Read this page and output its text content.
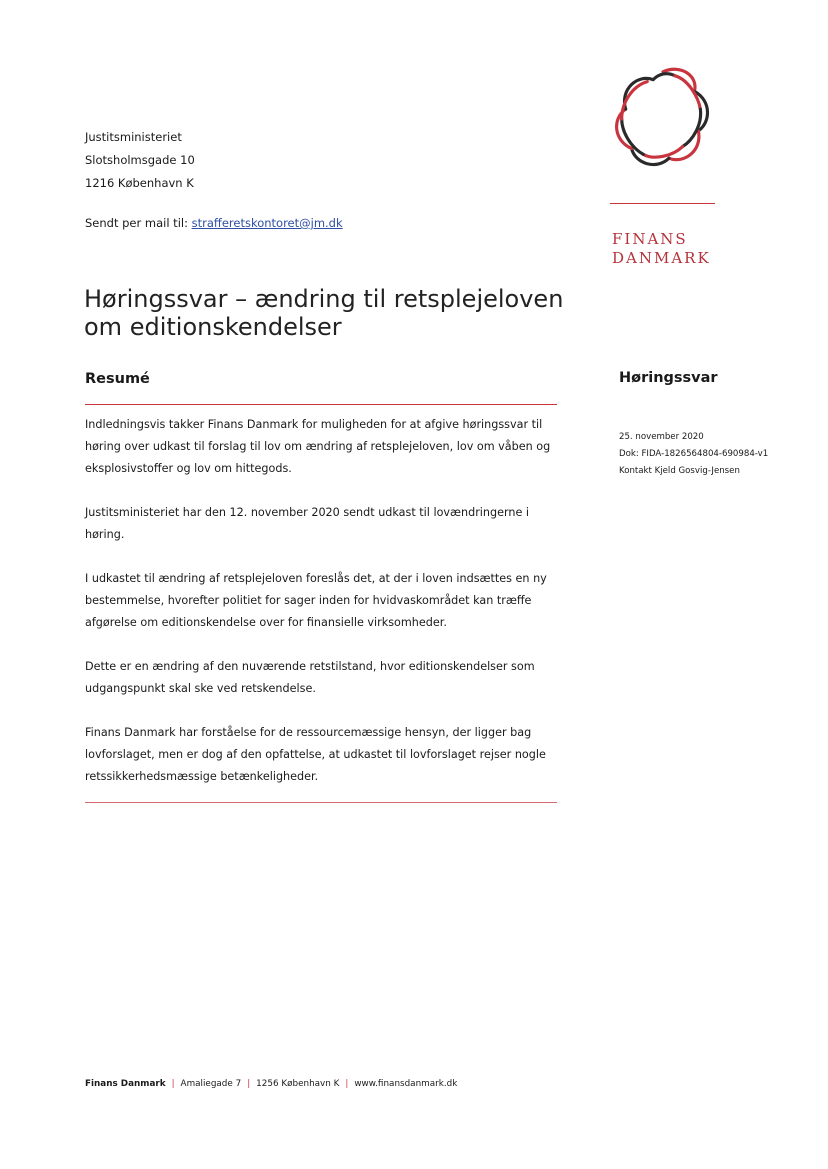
Justitsministeriet
Slotsholmsgade 10
1216 København K
Sendt per mail til: strafferetskontoret@jm.dk
Høringssvar – ændring til retsplejeloven om editionskendelser
Resumé

Indledningsvis takker Finans Danmark for muligheden for at afgive høringssvar til høring over udkast til forslag til lov om ændring af retsplejeloven, lov om våben og eksplosivstoffer og lov om hittegods.

Justitsministeriet har den 12. november 2020 sendt udkast til lovændringerne i høring.

I udkastet til ændring af retsplejeloven foreslås det, at der i loven indsættes en ny bestemmelse, hvorefter politiet for sager inden for hvidvaskområdet kan træffe afgørelse om editionskendelse over for finansielle virksomheder.

Dette er en ændring af den nuværende retstilstand, hvor editionskendelser som udgangspunkt skal ske ved retskendelse.

Finans Danmark har forståelse for de ressourcemæssige hensyn, der ligger bag lovforslaget, men er dog af den opfattelse, at udkastet til lovforslaget rejser nogle retssikkerhedsmæssige betænkeligheder.

FINANS
DANMARK
Høringssvar
25. november 2020
Dok: FIDA-1826564804-690984-v1
Kontakt Kjeld Gosvig-Jensen
Finans Danmark | Amaliegade 7 | 1256 København K | www.finansdanmark.dk
